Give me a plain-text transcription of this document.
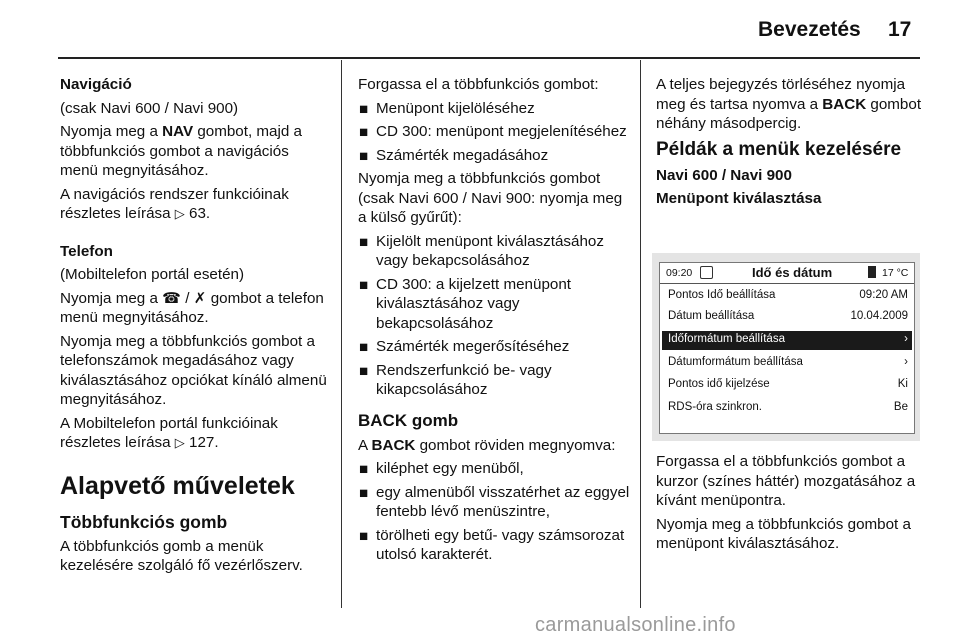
Bevezetés 17

Navigáció

(csak Navi 600 / Navi 900)

Nyomja meg a NAV gombot, majd a többfunkciós gombot a navigációs menü megnyitásához.

A navigációs rendszer funkcióinak részletes leírása ▷ 63.

Telefon

(Mobiltelefon portál esetén)

Nyomja meg a ☎ / ✗ gombot a telefon menü megnyitásához.

Nyomja meg a többfunkciós gombot a telefonszámok megadásához vagy kiválasztásához opciókat kínáló almenü megnyitásához.

A Mobiltelefon portál funkcióinak részletes leírása ▷ 127.

Alapvető műveletek

Többfunkciós gomb

A többfunkciós gomb a menük kezelésére szolgáló fő vezérlőszerv.

Forgassa el a többfunkciós gombot:

■ Menüpont kijelöléséhez
■ CD 300: menüpont megjelenítéséhez
■ Számérték megadásához

Nyomja meg a többfunkciós gombot (csak Navi 600 / Navi 900: nyomja meg a külső gyűrűt):

■ Kijelölt menüpont kiválasztásához vagy bekapcsolásához
■ CD 300: a kijelzett menüpont kiválasztásához vagy bekapcsolásához
■ Számérték megerősítéséhez
■ Rendszerfunkció be- vagy kikapcsolásához

BACK gomb

A BACK gombot röviden megnyomva:

■ kiléphet egy menüből,
■ egy almenüből visszatérhet az eggyel fentebb lévő menüszintre,
■ törölheti egy betű- vagy számsorozat utolsó karakterét.

A teljes bejegyzés törléséhez nyomja meg és tartsa nyomva a BACK gombot néhány másodpercig.

Példák a menük kezelésére

Navi 600 / Navi 900

Menüpont kiválasztása

Forgassa el a többfunkciós gombot a kurzor (színes háttér) mozgatásához a kívánt menüpontra.

Nyomja meg a többfunkciós gombot a menüpont kiválasztásához.

09:20	Idő és dátum	17 °C
Pontos Idő beállítása	09:20 AM
Dátum beállítása	10.04.2009
Időformátum beállítása	›
Dátumformátum beállítása	›
Pontos idő kijelzése	Ki
RDS-óra szinkron.	Be
carmanualsonline.info
